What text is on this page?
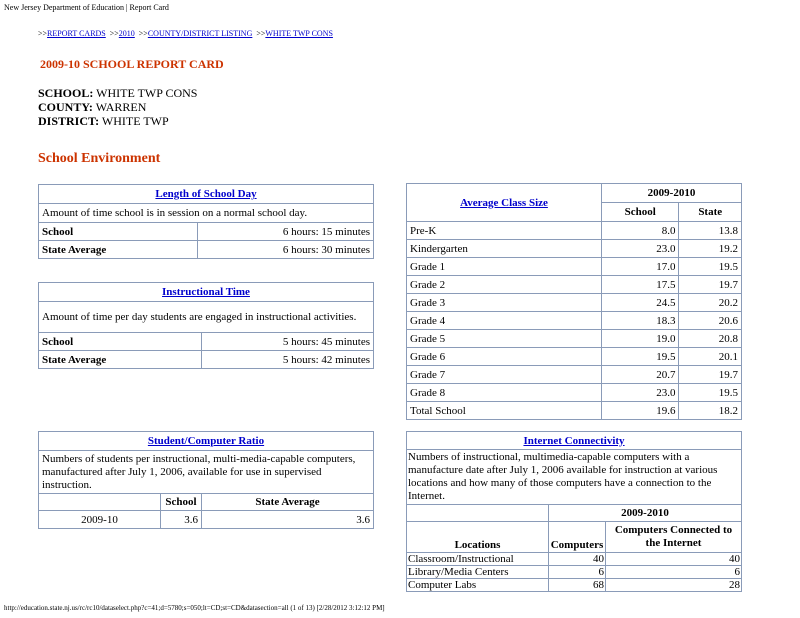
New Jersey Department of Education | Report Card
>>REPORT CARDS >>2010 >>COUNTY/DISTRICT LISTING >>WHITE TWP CONS
2009-10 SCHOOL REPORT CARD
SCHOOL: WHITE TWP CONS
COUNTY: WARREN
DISTRICT: WHITE TWP
School Environment
Length of School Day	
Amount of time school is in session on a normal school day.	
School	6 hours: 15 minutes
State Average	6 hours: 30 minutes
Instructional Time	
Amount of time per day students are engaged in instructional activities.	
School	5 hours: 45 minutes
State Average	5 hours: 42 minutes
Student/Computer Ratio		
Numbers of students per instructional, multi-media-capable computers, manufactured after July 1, 2006, available for use in supervised instruction.		
	School	State Average
2009-10	3.6	3.6
Average Class Size	2009-2010	
	School	State
Pre-K	8.0	13.8
Kindergarten	23.0	19.2
Grade 1	17.0	19.5
Grade 2	17.5	19.7
Grade 3	24.5	20.2
Grade 4	18.3	20.6
Grade 5	19.0	20.8
Grade 6	19.5	20.1
Grade 7	20.7	19.7
Grade 8	23.0	19.5
Total School	19.6	18.2
Internet Connectivity		
Numbers of instructional, multimedia-capable computers with a manufacture date after July 1, 2006 available for instruction at various locations and how many of those computers have a connection to the Internet.		
	2009-2010	
Locations	Computers	Computers Connected to the Internet
Classroom/Instructional	40	40
Library/Media Centers	6	6
Computer Labs	68	28
http://education.state.nj.us/rc/rc10/dataselect.php?c=41;d=5780;s=050;lt=CD;st=CD&datasection=all (1 of 13) [2/28/2012 3:12:12 PM]
